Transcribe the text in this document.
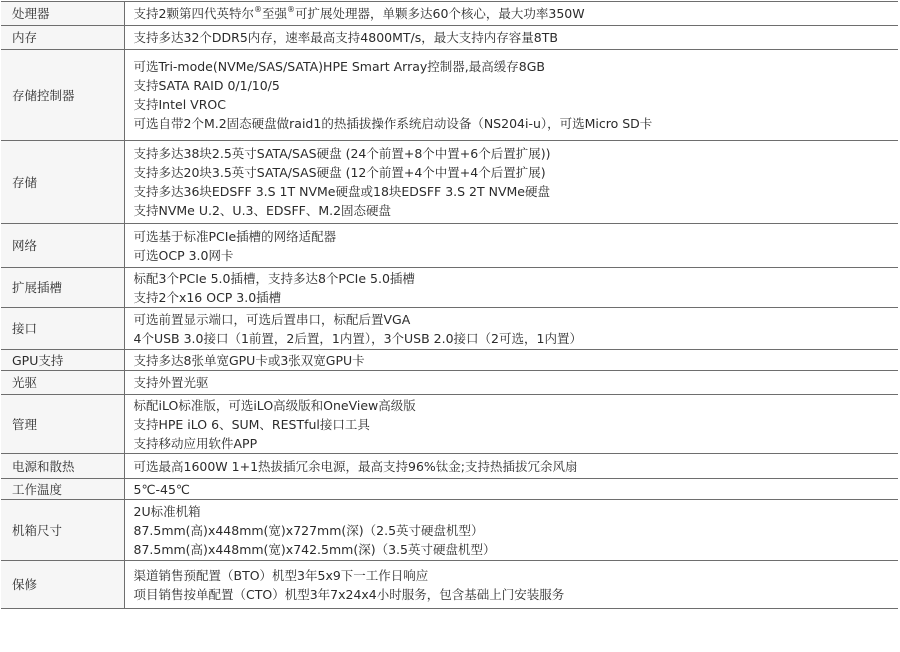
处理器	支持2颗第四代英特尔®至强®可扩展处理器，单颗多达60个核心，最大功率350W

内存	支持多达32个DDR5内存，速率最高支持4800MT/s，最大支持内存容量8TB

存储控制器	可选Tri-mode(NVMe/SAS/SATA)HPE Smart Array控制器,最高缓存8GB
支持SATA RAID 0/1/10/5
支持Intel VROC
可选自带2个M.2固态硬盘做raid1的热插拔操作系统启动设备（NS204i-u），可选Micro SD卡

存储	支持多达38块2.5英寸SATA/SAS硬盘 (24个前置+8个中置+6个后置扩展))
支持多达20块3.5英寸SATA/SAS硬盘 (12个前置+4个中置+4个后置扩展)
支持多达36块EDSFF 3.S 1T NVMe硬盘或18块EDSFF 3.S 2T NVMe硬盘
支持NVMe U.2、U.3、EDSFF、M.2固态硬盘

网络	可选基于标准PCIe插槽的网络适配器
可选OCP 3.0网卡

扩展插槽	标配3个PCIe 5.0插槽，支持多达8个PCIe 5.0插槽
支持2个x16 OCP 3.0插槽

接口	可选前置显示端口，可选后置串口，标配后置VGA
4个USB 3.0接口（1前置，2后置，1内置），3个USB 2.0接口（2可选，1内置）

GPU支持	支持多达8张单宽GPU卡或3张双宽GPU卡

光驱	支持外置光驱

管理	标配iLO标准版，可选iLO高级版和OneView高级版
支持HPE iLO 6、SUM、RESTful接口工具
支持移动应用软件APP

电源和散热	可选最高1600W 1+1热拔插冗余电源，最高支持96%钛金;支持热插拔冗余风扇

工作温度	5℃-45℃

机箱尺寸	2U标准机箱
87.5mm(高)x448mm(宽)x727mm(深)（2.5英寸硬盘机型）
87.5mm(高)x448mm(宽)x742.5mm(深)（3.5英寸硬盘机型）

保修	渠道销售预配置（BTO）机型3年5x9下一工作日响应
项目销售按单配置（CTO）机型3年7x24x4小时服务，包含基础上门安装服务
